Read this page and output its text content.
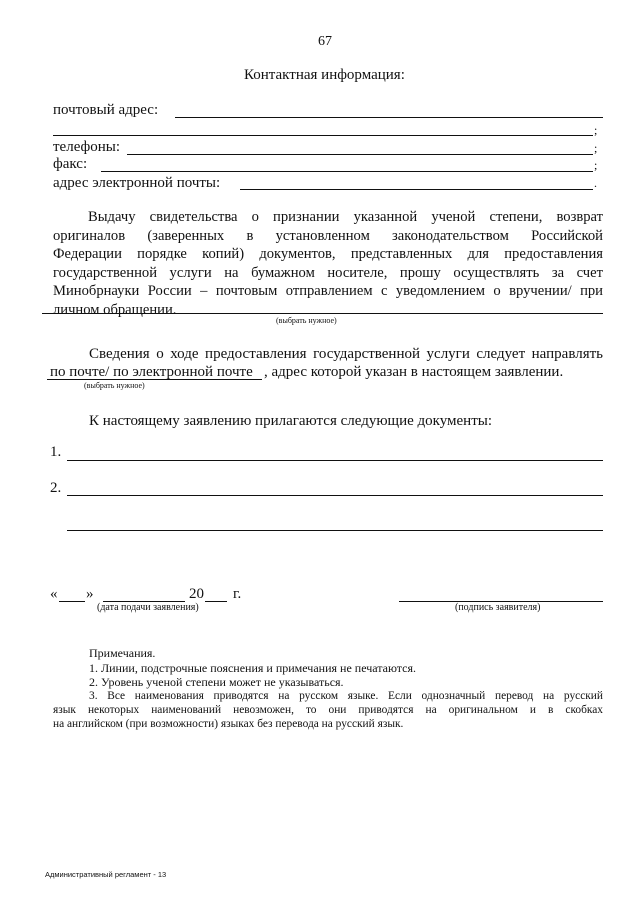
67
Контактная информация:
почтовый адрес:
;
телефоны:	;
факс:	;
адрес электронной почты:	.
Выдачу свидетельства о признании указанной ученой степени, возврат
оригиналов (заверенных в установленном законодательством Российской
Федерации порядке копий) документов, представленных для предоставления
государственной услуги на бумажном носителе, прошу осуществлять за счет
Минобрнауки России – почтовым отправлением с уведомлением о вручении/ при
личном обращении.
(выбрать нужное)
Сведения о ходе предоставления государственной услуги следует направлять
по почте/ по электронной почте , адрес которой указан в настоящем заявлении.
(выбрать нужное)
К настоящему заявлению прилагаются следующие документы:
1.
2.
« »	20 г.
(дата подачи заявления)	(подпись заявителя)
Примечания.
1. Линии, подстрочные пояснения и примечания не печатаются.
2. Уровень ученой степени может не указываться.
3. Все наименования приводятся на русском языке. Если однозначный перевод на русский
язык некоторых наименований невозможен, то они приводятся на оригинальном и в скобках
на английском (при возможности) языках без перевода на русский язык.
Административный регламент - 13
